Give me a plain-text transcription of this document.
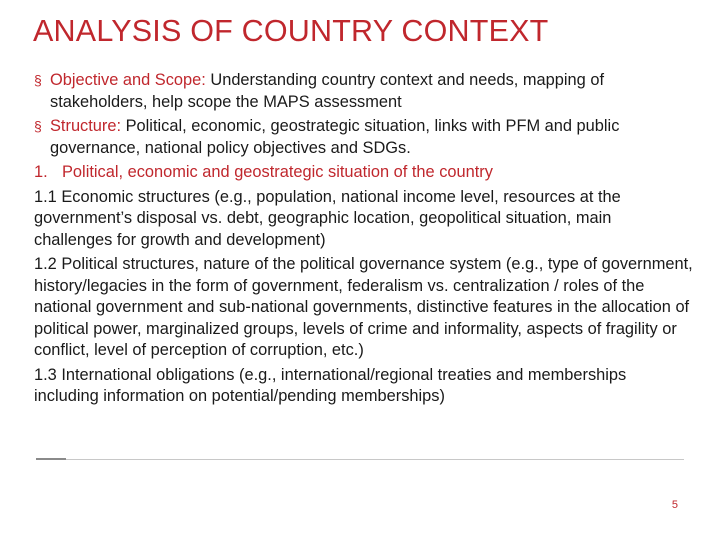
ANALYSIS OF COUNTRY CONTEXT
§ Objective and Scope: Understanding country context and needs, mapping of stakeholders, help scope the MAPS assessment
§ Structure: Political, economic, geostrategic situation, links with PFM and public governance, national policy objectives and SDGs.
1. Political, economic and geostrategic situation of the country
1.1 Economic structures (e.g., population, national income level, resources at the government’s disposal vs. debt, geographic location, geopolitical situation, main challenges for growth and development)
1.2 Political structures, nature of the political governance system (e.g., type of government, history/legacies in the form of government, federalism vs. centralization / roles of the national government and sub-national governments, distinctive features in the allocation of political power, marginalized groups, levels of crime and informality, aspects of fragility or conflict, level of perception of corruption, etc.)
1.3 International obligations (e.g., international/regional treaties and memberships including information on potential/pending memberships)
5
